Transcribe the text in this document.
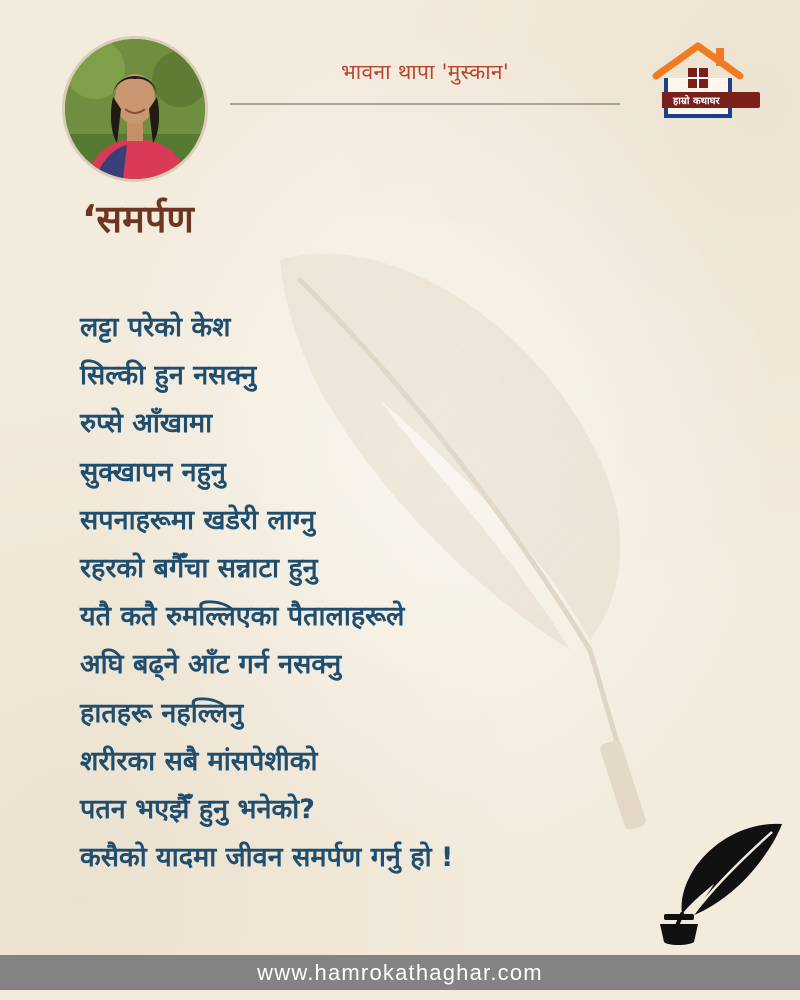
भावना थापा 'मुस्कान'
हाम्रो कथाघर
‘समर्पण
लट्टा परेको केश
सिल्की हुन नसक्नु
रुप्से आँखामा
सुक्खापन नहुनु
सपनाहरूमा खडेरी लाग्नु
रहरको बगैँचा सन्नाटा हुनु
यतै कतै रुमल्लिएका पैतालाहरूले
अघि बढ्ने आँट गर्न नसक्नु
हातहरू नहल्लिनु
शरीरका सबै मांसपेशीको
पतन भएझैँ हुनु भनेको?
कसैको यादमा जीवन समर्पण गर्नु हो !
www.hamrokathaghar.com
